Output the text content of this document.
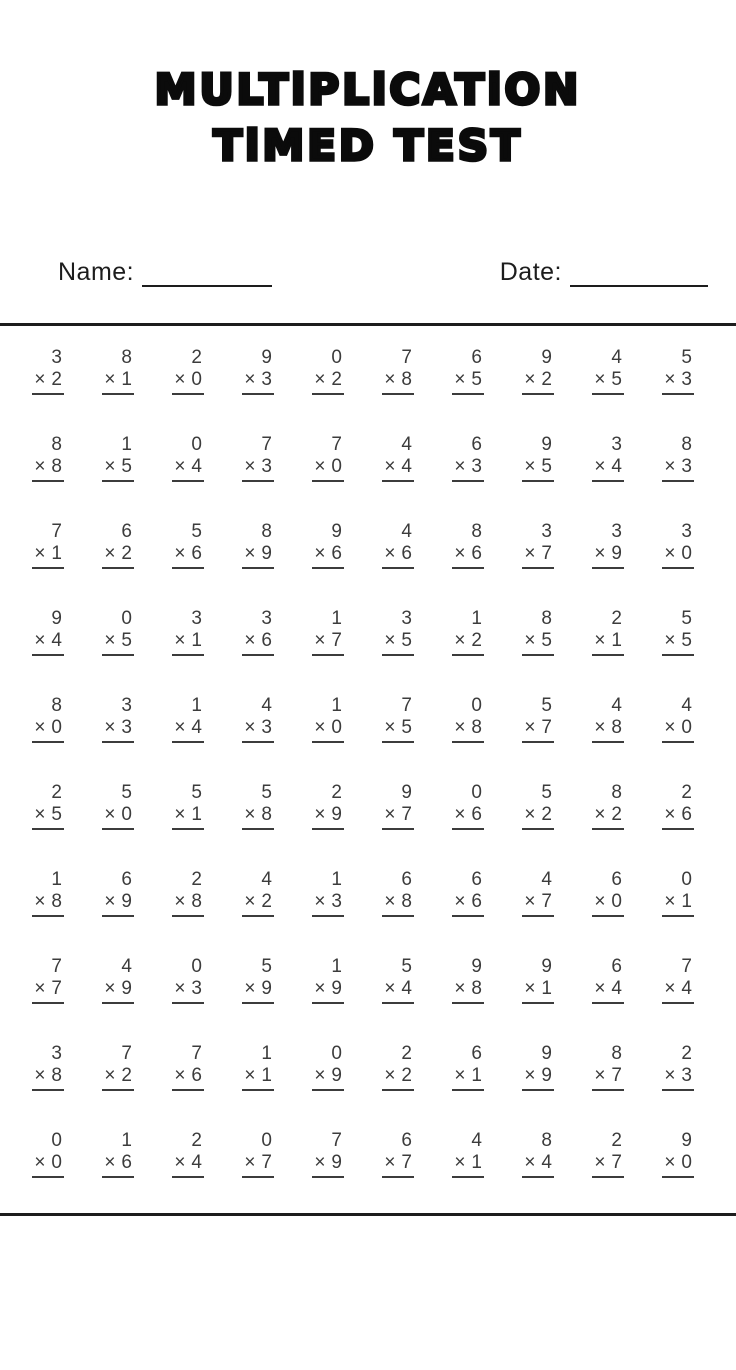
MULTiPLiCATiON
TiMED TEST
Name:	Date:
3
× 2
8
× 1
2
× 0
9
× 3
0
× 2
7
× 8
6
× 5
9
× 2
4
× 5
5
× 3
8
× 8
1
× 5
0
× 4
7
× 3
7
× 0
4
× 4
6
× 3
9
× 5
3
× 4
8
× 3
7
× 1
6
× 2
5
× 6
8
× 9
9
× 6
4
× 6
8
× 6
3
× 7
3
× 9
3
× 0
9
× 4
0
× 5
3
× 1
3
× 6
1
× 7
3
× 5
1
× 2
8
× 5
2
× 1
5
× 5
8
× 0
3
× 3
1
× 4
4
× 3
1
× 0
7
× 5
0
× 8
5
× 7
4
× 8
4
× 0
2
× 5
5
× 0
5
× 1
5
× 8
2
× 9
9
× 7
0
× 6
5
× 2
8
× 2
2
× 6
1
× 8
6
× 9
2
× 8
4
× 2
1
× 3
6
× 8
6
× 6
4
× 7
6
× 0
0
× 1
7
× 7
4
× 9
0
× 3
5
× 9
1
× 9
5
× 4
9
× 8
9
× 1
6
× 4
7
× 4
3
× 8
7
× 2
7
× 6
1
× 1
0
× 9
2
× 2
6
× 1
9
× 9
8
× 7
2
× 3
0
× 0
1
× 6
2
× 4
0
× 7
7
× 9
6
× 7
4
× 1
8
× 4
2
× 7
9
× 0
